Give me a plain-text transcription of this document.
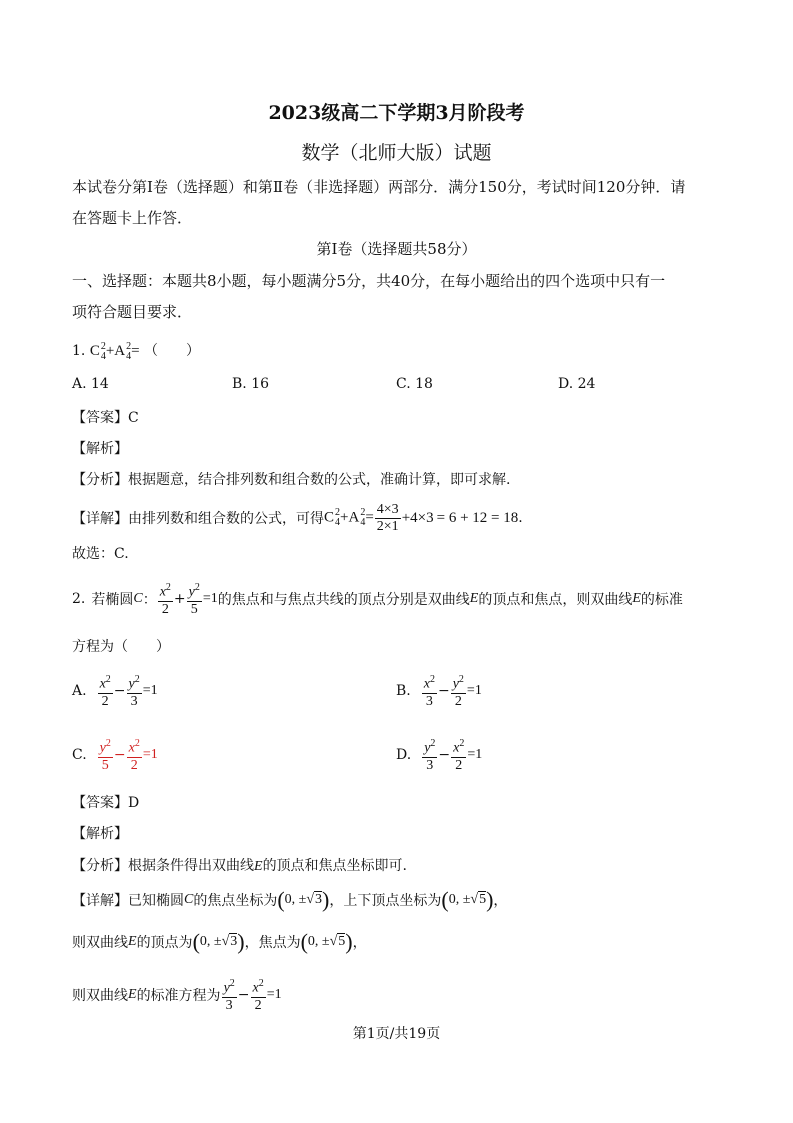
2023级高二下学期3月阶段考
数学（北师大版）试题
本试卷分第Ⅰ卷（选择题）和第Ⅱ卷（非选择题）两部分．满分150分，考试时间120分钟．请
在答题卡上作答．
第Ⅰ卷（选择题共58分）
一、选择题：本题共8小题，每小题满分5分，共40分，在每小题给出的四个选项中只有一
项符合题目要求．
1. C 2
4 +A 2
4 = （　　）
A. 14	B. 16	C. 18	D. 24
【答案】C
【解析】
【分析】根据题意，结合排列数和组合数的公式，准确计算，即可求解.
【详解】 由排列数和组合数的公式，可得 C 2
4 +A 2
$4 = \frac{4\times 3}{2\times 1} +4\times 3 = 6 + 12 = 18$ .
故选：C.
2. 若椭圆 C ： $\frac{x^2}{2} + \frac{y^2}{5} =1$ 的焦点和与焦点共线的顶点分别是双曲线 E 的顶点和焦点，则双曲线 E 的标准
方程为（　　）
A. $\frac{x^2}{2} - \frac{y^2}{3} =1$	B. $\frac{x^2}{3} - \frac{y^2}{2} =1$
C. $\frac{y^2}{5} - \frac{x^2}{2} =1$	D. $\frac{y^2}{3} - \frac{x^2}{2} =1$
【答案】D
【解析】
【分析】根据条件得出双曲线E的顶点和焦点坐标即可.
【详解】 已知椭圆 C 的焦点坐标为 (0, ±√3) ，上下顶点坐标为 (0, ±√5) ，
则双曲线 E 的顶点为 (0, ±√3) ，焦点为 (0, ±√5) ，
则双曲线 E 的标准方程为 $\frac{y^2}{3} - \frac{x^2}{2} =1$
第1页/共19页
